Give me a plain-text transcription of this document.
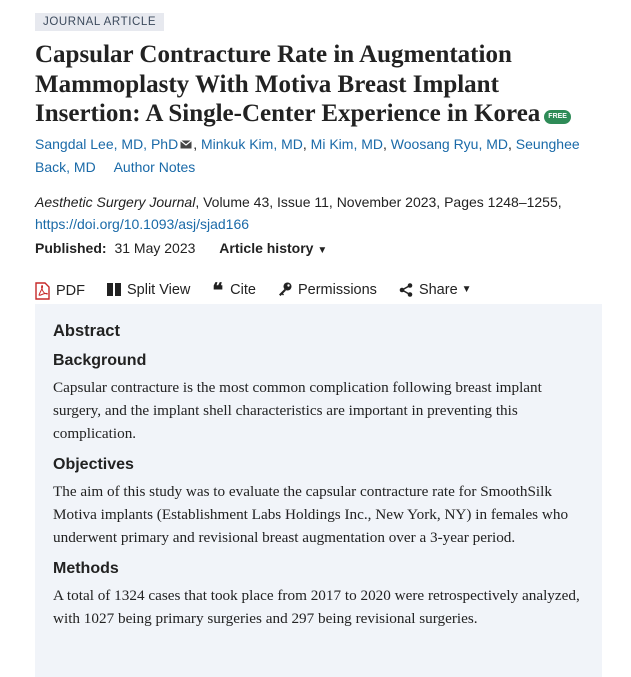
JOURNAL ARTICLE
Capsular Contracture Rate in Augmentation Mammoplasty With Motiva Breast Implant Insertion: A Single-Center Experience in Korea FREE
Sangdal Lee, MD, PhD , Minkuk Kim, MD, Mi Kim, MD, Woosang Ryu, MD, Seunghee Back, MD Author Notes
Aesthetic Surgery Journal, Volume 43, Issue 11, November 2023, Pages 1248–1255,
https://doi.org/10.1093/asj/sjad166
Published: 31 May 2023 Article history ▼
PDF	Split View ❝ Cite	Permissions	Share ▼
Abstract
Background
Capsular contracture is the most common complication following breast implant surgery, and the implant shell characteristics are important in preventing this complication.
Objectives
The aim of this study was to evaluate the capsular contracture rate for SmoothSilk Motiva implants (Establishment Labs Holdings Inc., New York, NY) in females who underwent primary and revisional breast augmentation over a 3-year period.
Methods
A total of 1324 cases that took place from 2017 to 2020 were retrospectively analyzed, with 1027 being primary surgeries and 297 being revisional surgeries.
